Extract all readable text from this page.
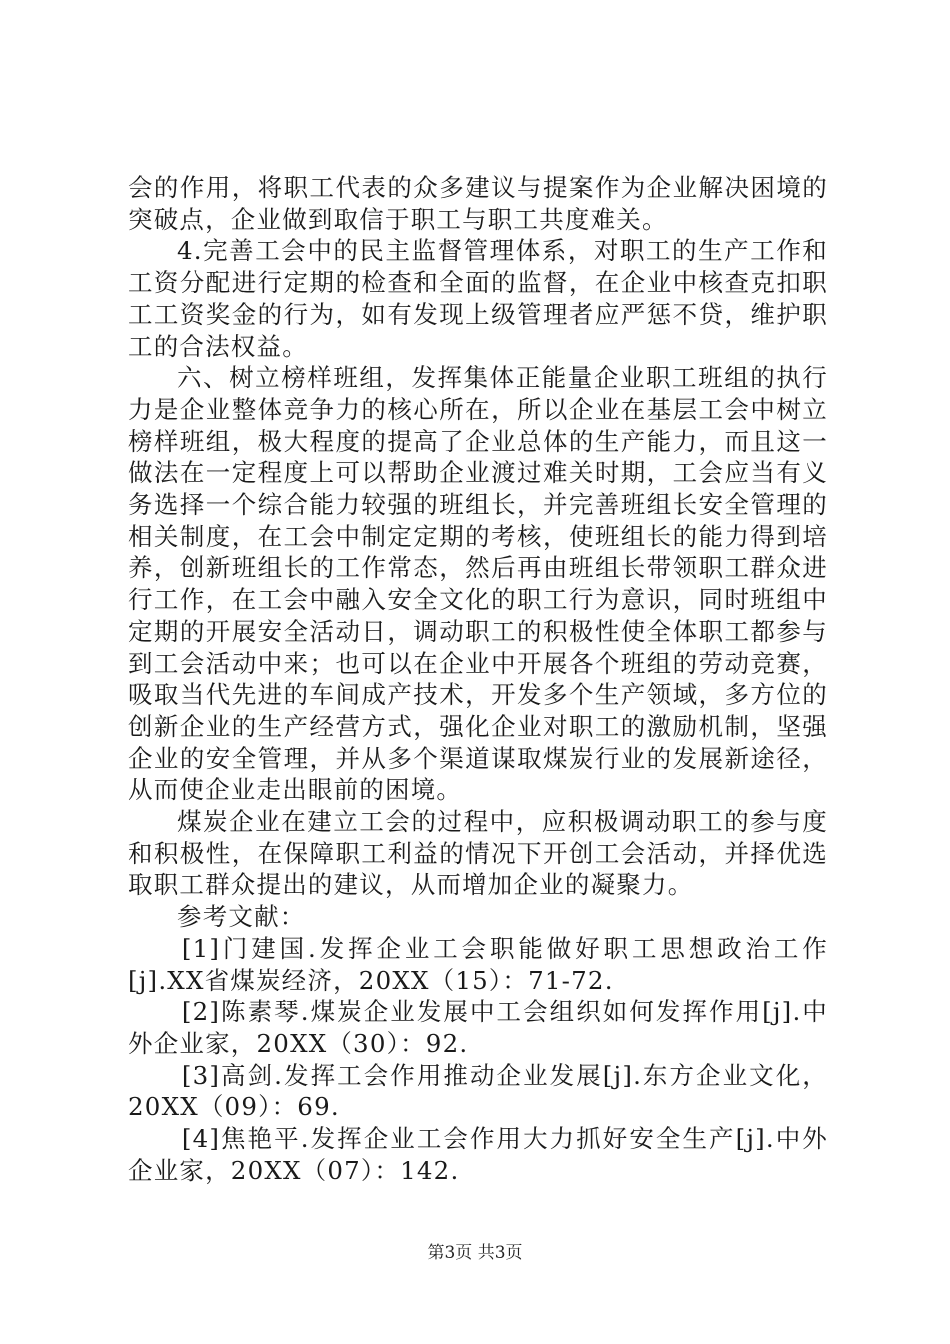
会的作用，将职工代表的众多建议与提案作为企业解决困境的突破点，企业做到取信于职工与职工共度难关。

4.完善工会中的民主监督管理体系，对职工的生产工作和工资分配进行定期的检查和全面的监督，在企业中核查克扣职工工资奖金的行为，如有发现上级管理者应严惩不贷，维护职工的合法权益。

六、树立榜样班组，发挥集体正能量企业职工班组的执行力是企业整体竞争力的核心所在，所以企业在基层工会中树立榜样班组，极大程度的提高了企业总体的生产能力，而且这一做法在一定程度上可以帮助企业渡过难关时期，工会应当有义务选择一个综合能力较强的班组长，并完善班组长安全管理的相关制度，在工会中制定定期的考核，使班组长的能力得到培养，创新班组长的工作常态，然后再由班组长带领职工群众进行工作，在工会中融入安全文化的职工行为意识，同时班组中定期的开展安全活动日，调动职工的积极性使全体职工都参与到工会活动中来；也可以在企业中开展各个班组的劳动竞赛，吸取当代先进的车间成产技术，开发多个生产领域，多方位的创新企业的生产经营方式，强化企业对职工的激励机制，坚强企业的安全管理，并从多个渠道谋取煤炭行业的发展新途径，从而使企业走出眼前的困境。

煤炭企业在建立工会的过程中，应积极调动职工的参与度和积极性，在保障职工利益的情况下开创工会活动，并择优选取职工群众提出的建议，从而增加企业的凝聚力。

参考文献：

[1]门建国.发挥企业工会职能做好职工思想政治工作[j].XX省煤炭经济，20XX（15）：71-72.

[2]陈素琴.煤炭企业发展中工会组织如何发挥作用[j].中外企业家，20XX（30）：92.

[3]高剑.发挥工会作用推动企业发展[j].东方企业文化，20XX（09）：69.

[4]焦艳平.发挥企业工会作用大力抓好安全生产[j].中外企业家，20XX（07）：142.

第3页 共3页
